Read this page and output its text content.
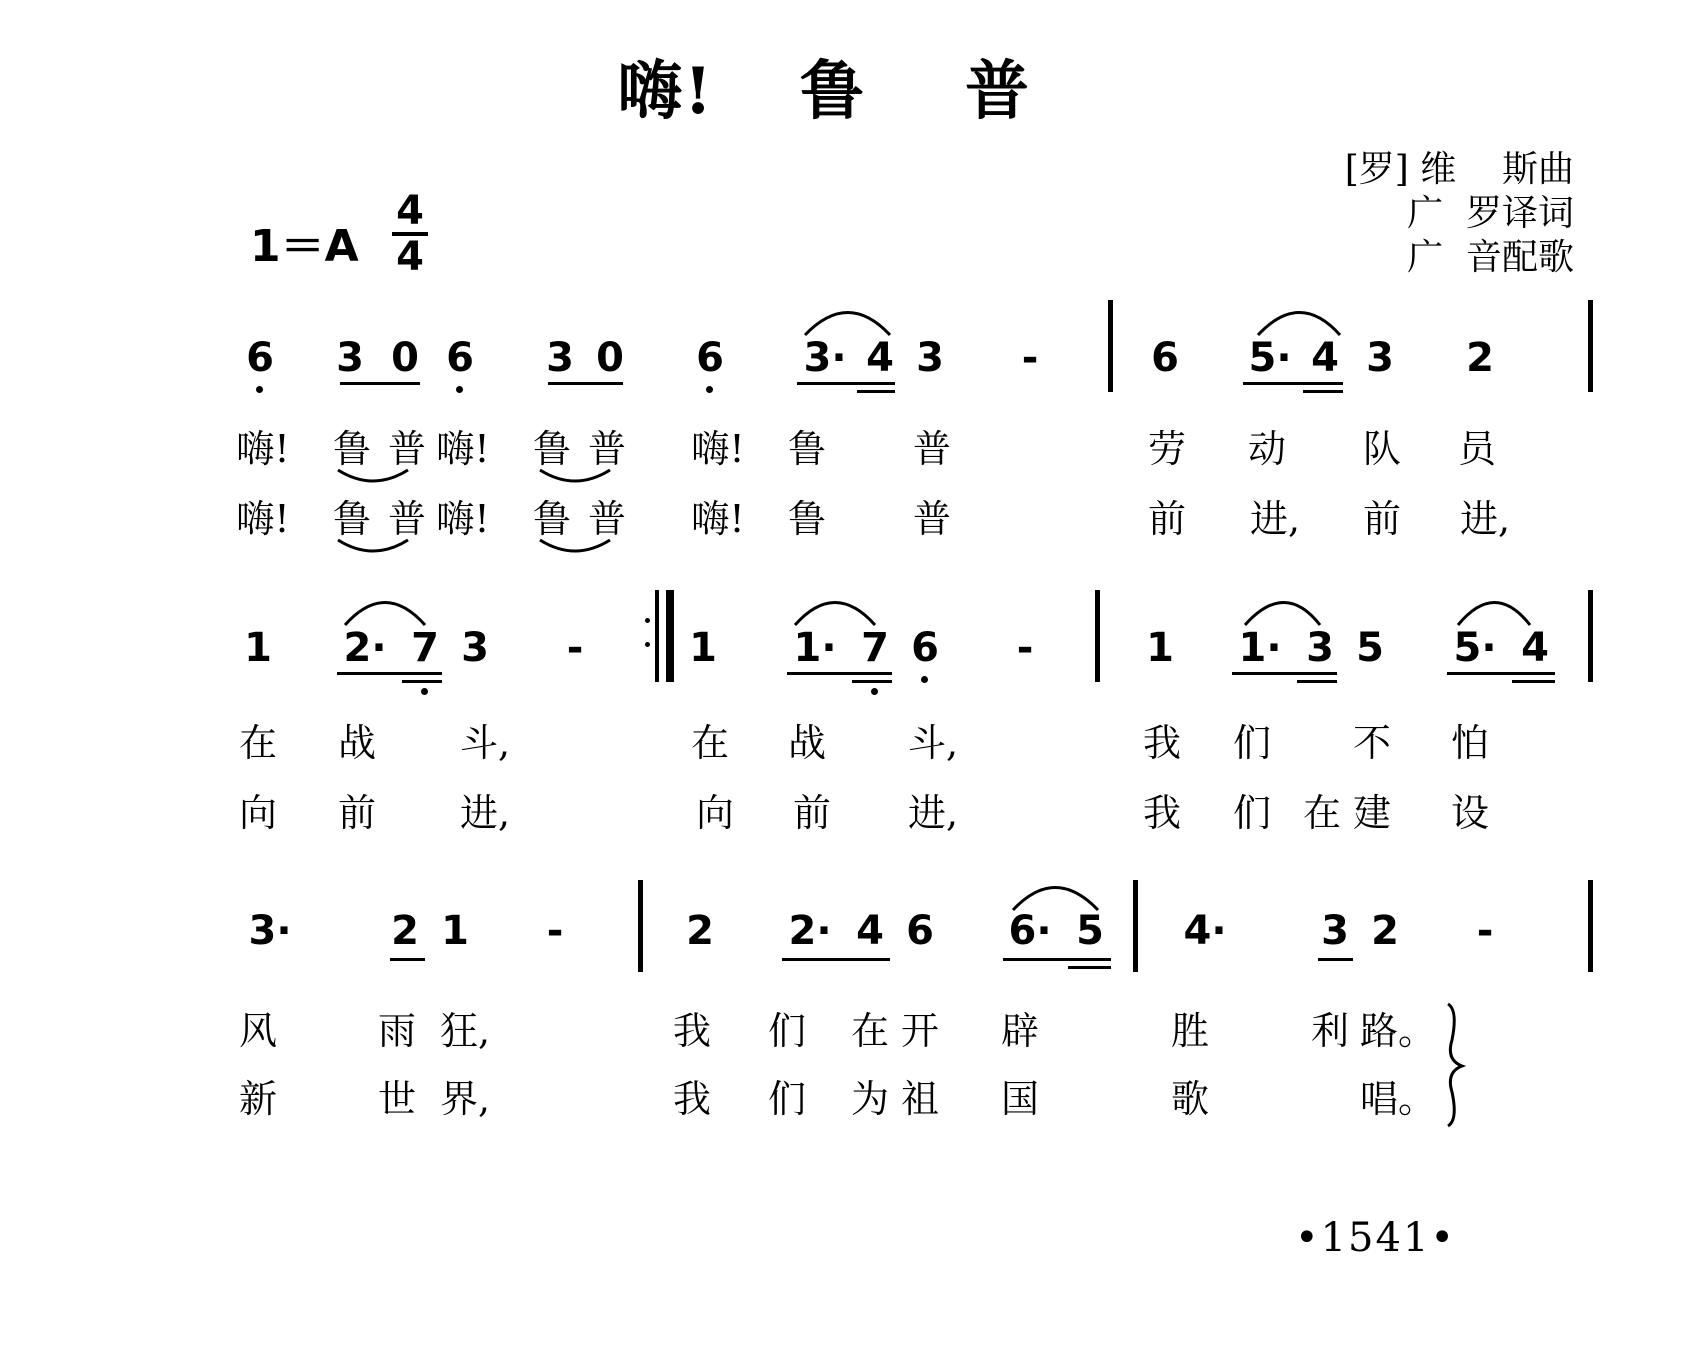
嗨! 鲁 普
[罗] 维    斯曲
广  罗译词
广  音配歌
1＝A
4
4
6 3 0 6 3 0 6 3· 4 3 -	6 5· 4 3 2
嗨! 鲁 普 嗨! 鲁 普 嗨! 鲁 普	劳 动 队 员
嗨! 鲁 普 嗨! 鲁 普 嗨! 鲁 普	前 进, 前 进,
1 2· 7 3 -	1 1· 7 6 -	1 1· 3 5 5· 4
在 战 斗,	在 战 斗,	我 们 不 怕
向 前 进,	向 前 进,	我 们 在 建 设
3· 2 1 -	2 2· 4 6 6· 5 4· 3 2 -
风	雨 狂,	我 们 在 开 辟	胜	利 路。
新	世 界,	我 们 为 祖 国	歌	唱。
•1541•
